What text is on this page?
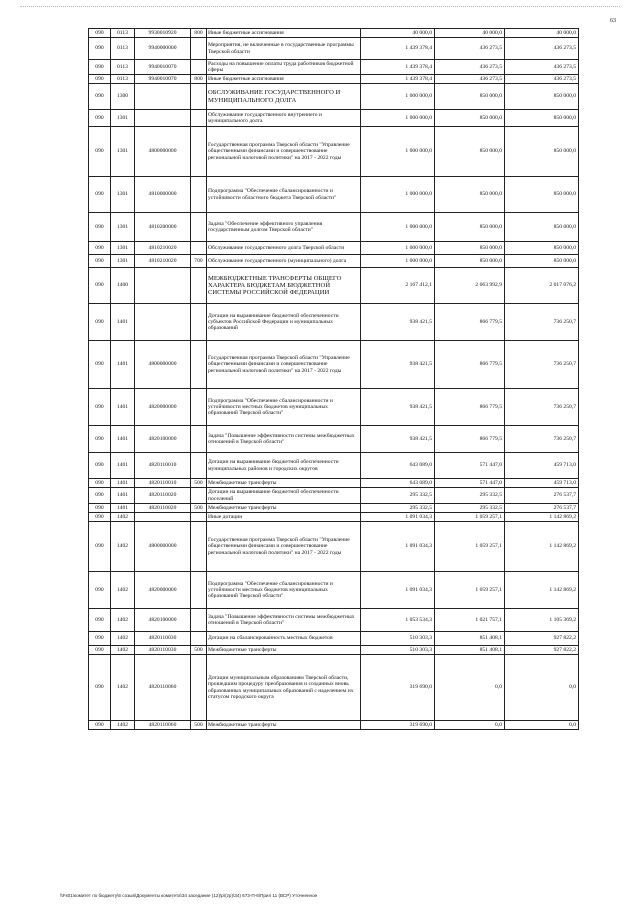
63
090	0113	9930010920	800	Иные бюджетные ассигнования	40 000,0	40 000,0	40 000,0
090	0113	9940000000		Мероприятия, не включенные в государственные программы Тверской области	1 439 378,4	436 273,5	436 273,5
090	0113	9940010070		Расходы на повышение оплаты труда работников бюджетной сферы	1 439 378,4	436 273,5	436 273,5
090	0113	9940010070	800	Иные бюджетные ассигнования	1 439 378,4	436 273,5	436 273,5
090	1300			ОБСЛУЖИВАНИЕ ГОСУДАРСТВЕННОГО И МУНИЦИПАЛЬНОГО ДОЛГА	1 000 000,0	850 000,0	850 000,0
090	1301			Обслуживание государственного внутреннего и муниципального долга	1 000 000,0	850 000,0	850 000,0
090	1301	4800000000		Государственная программа Тверской области "Управление общественными финансами и совершенствование региональной налоговой политики" на 2017 - 2022 годы	1 000 000,0	850 000,0	850 000,0
090	1301	4810000000		Подпрограмма "Обеспечение сбалансированности и устойчивости областного бюджета Тверской области"	1 000 000,0	850 000,0	850 000,0
090	1301	4810200000		Задача "Обеспечение эффективного управления государственным долгом Тверской области"	1 000 000,0	850 000,0	850 000,0
090	1301	4810210020		Обслуживание государственного долга Тверской области	1 000 000,0	850 000,0	850 000,0
090	1301	4810210020	700	Обслуживание государственного (муниципального) долга	1 000 000,0	850 000,0	850 000,0
090	1400			МЕЖБЮДЖЕТНЫЕ ТРАНСФЕРТЫ ОБЩЕГО ХАРАКТЕРА БЮДЖЕТАМ БЮДЖЕТНОЙ СИСТЕМЫ РОССИЙСКОЙ ФЕДЕРАЦИИ	2 167 412,1	2 063 992,9	2 017 076,2
090	1401			Дотации на выравнивание бюджетной обеспеченности субъектов Российской Федерации и муниципальных образований	938 421,5	866 779,5	736 250,7
090	1401	4800000000		Государственная программа Тверской области "Управление общественными финансами и совершенствование региональной налоговой политики" на 2017 - 2022 годы	938 421,5	866 779,5	736 250,7
090	1401	4820000000		Подпрограмма "Обеспечение сбалансированности и устойчивости местных бюджетов муниципальных образований Тверской области"	938 421,5	866 779,5	736 250,7
090	1401	4820100000		Задача "Повышение эффективности системы межбюджетных отношений в Тверской области"	938 421,5	866 779,5	736 250,7
090	1401	4820110010		Дотации на выравнивание бюджетной обеспеченности муниципальных районов и городских округов	643 089,0	571 447,0	459 713,0
090	1401	4820110010	500	Межбюджетные трансферты	643 089,0	571 447,0	459 713,0
090	1401	4820110020		Дотации на выравнивание бюджетной обеспеченности поселений	295 332,5	295 332,5	276 537,7
090	1401	4820110020	500	Межбюджетные трансферты	295 332,5	295 332,5	276 537,7
090	1402			Иные дотации	1 091 034,3	1 059 257,1	1 142 869,2
090	1402	4800000000		Государственная программа Тверской области "Управление общественными финансами и совершенствование региональной налоговой политики" на 2017 - 2022 годы	1 091 034,3	1 059 257,1	1 142 869,2
090	1402	4820000000		Подпрограмма "Обеспечение сбалансированности и устойчивости местных бюджетов муниципальных образований Тверской области"	1 091 034,3	1 059 257,1	1 142 869,2
090	1402	4820100000		Задача "Повышение эффективности системы межбюджетных отношений в Тверской области"	1 053 534,3	1 021 757,1	1 105 369,2
090	1402	4820110030		Дотации на сбалансированность местных бюджетов	510 303,3	851 408,1	927 822,2
090	1402	4820110030	500	Межбюджетные трансферты	510 303,3	851 408,1	927 822,2
090	1402	4820110060		Дотации муниципальным образованиям Тверской области, прошедшим процедуру преобразования и созданных вновь образованных муниципальных образований с наделением их статусом городского округа	319 690,0	0,0	0,0
090	1402	4820110060	500	Межбюджетные трансферты	319 690,0	0,0	0,0
\\Fs01\комитет по бюджету\6 созыв\Документы комитета\34 заседание (12)\p\(zp)\34) 673-П-6\Прил 11 (ВСР) Уточненное
